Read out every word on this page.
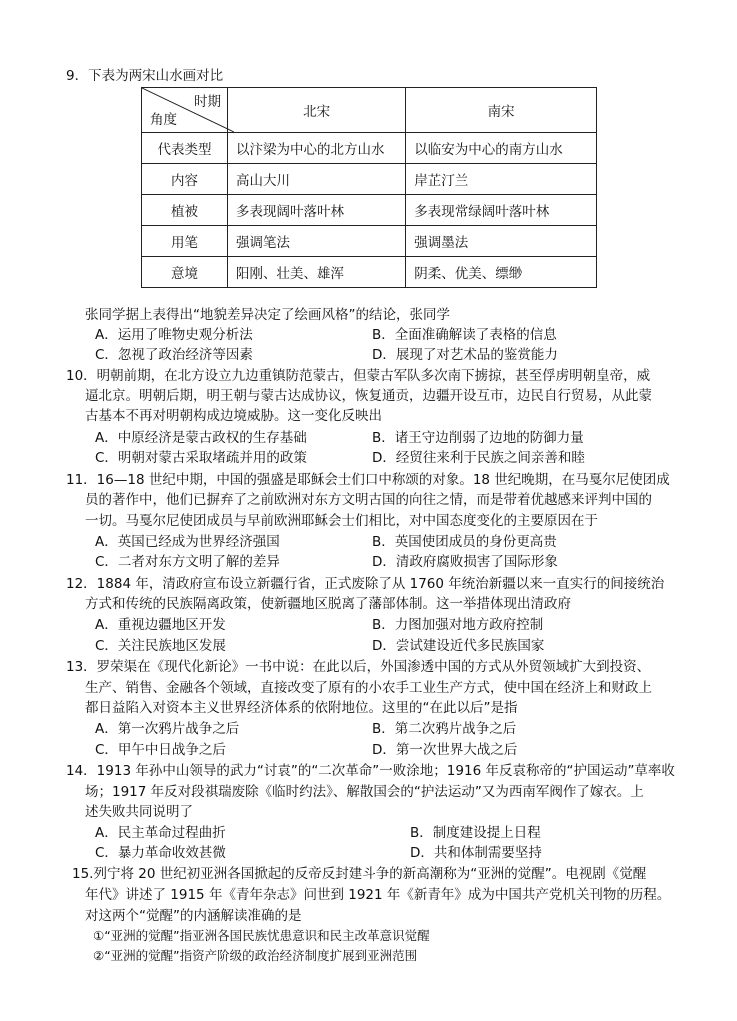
9．下表为两宋山水画对比
时期
角度	北宋	南宋
代表类型	以汴梁为中心的北方山水	以临安为中心的南方山水
内容	高山大川	岸芷汀兰
植被	多表现阔叶落叶林	多表现常绿阔叶落叶林
用笔	强调笔法	强调墨法
意境	阳刚、壮美、雄浑	阴柔、优美、缥缈
张同学据上表得出“地貌差异决定了绘画风格”的结论，张同学
A．运用了唯物史观分析法	B．全面准确解读了表格的信息
C．忽视了政治经济等因素	D．展现了对艺术品的鉴赏能力
10．明朝前期，在北方设立九边重镇防范蒙古，但蒙古军队多次南下掳掠，甚至俘虏明朝皇帝，威
逼北京。明朝后期，明王朝与蒙古达成协议，恢复通贡，边疆开设互市，边民自行贸易，从此蒙
古基本不再对明朝构成边境威胁。这一变化反映出
A．中原经济是蒙古政权的生存基础	B．诸王守边削弱了边地的防御力量
C．明朝对蒙古采取堵疏并用的政策	D．经贸往来利于民族之间亲善和睦
11．16—18 世纪中期，中国的强盛是耶稣会士们口中称颂的对象。18 世纪晚期，在马戛尔尼使团成
员的著作中，他们已摒弃了之前欧洲对东方文明古国的向往之情，而是带着优越感来评判中国的
一切。马戛尔尼使团成员与早前欧洲耶稣会士们相比，对中国态度变化的主要原因在于
A．英国已经成为世界经济强国	B．英国使团成员的身份更高贵
C．二者对东方文明了解的差异	D．清政府腐败损害了国际形象
12．1884 年，清政府宣布设立新疆行省，正式废除了从 1760 年统治新疆以来一直实行的间接统治
方式和传统的民族隔离政策，使新疆地区脱离了藩部体制。这一举措体现出清政府
A．重视边疆地区开发	B．力图加强对地方政府控制
C．关注民族地区发展	D．尝试建设近代多民族国家
13．罗荣渠在《现代化新论》一书中说：在此以后，外国渗透中国的方式从外贸领域扩大到投资、
生产、销售、金融各个领域，直接改变了原有的小农手工业生产方式，使中国在经济上和财政上
都日益陷入对资本主义世界经济体系的依附地位。这里的“在此以后”是指
A．第一次鸦片战争之后	B．第二次鸦片战争之后
C．甲午中日战争之后	D．第一次世界大战之后
14．1913 年孙中山领导的武力“讨袁”的“二次革命”一败涂地；1916 年反袁称帝的“护国运动”草率收
场；1917 年反对段祺瑞废除《临时约法》、解散国会的“护法运动”又为西南军阀作了嫁衣。上
述失败共同说明了
A．民主革命过程曲折	B．制度建设提上日程
C．暴力革命收效甚微	D．共和体制需要坚持
15.列宁将 20 世纪初亚洲各国掀起的反帝反封建斗争的新高潮称为“亚洲的觉醒”。电视剧《觉醒
年代》讲述了 1915 年《青年杂志》问世到 1921 年《新青年》成为中国共产党机关刊物的历程。
对这两个“觉醒”的内涵解读准确的是
①“亚洲的觉醒”指亚洲各国民族忧患意识和民主改革意识觉醒
②“亚洲的觉醒”指资产阶级的政治经济制度扩展到亚洲范围
